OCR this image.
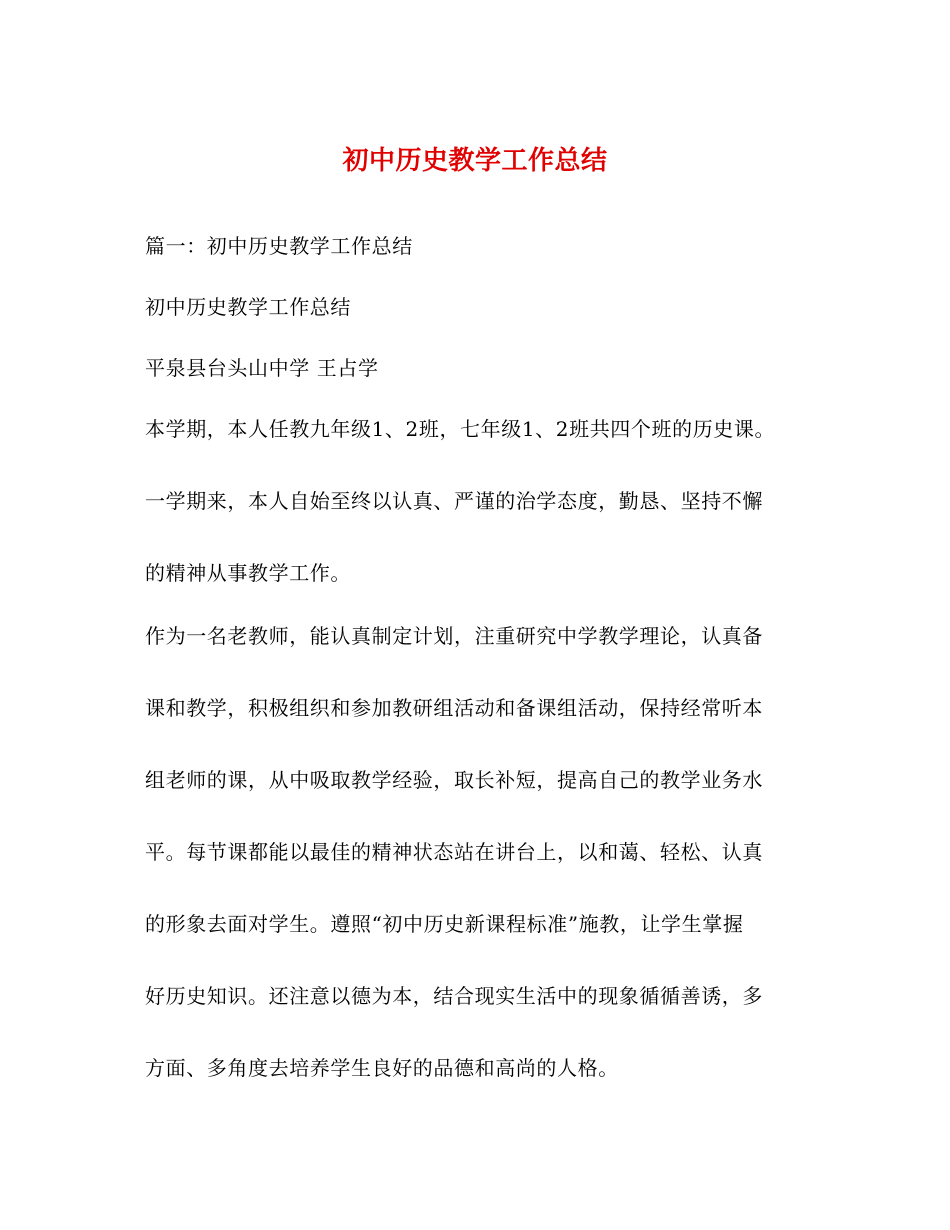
初中历史教学工作总结
篇一：初中历史教学工作总结
初中历史教学工作总结
平泉县台头山中学 王占学
本学期，本人任教九年级1、2班，七年级1、2班共四个班的历史课。
一学期来，本人自始至终以认真、严谨的治学态度，勤恳、坚持不懈
的精神从事教学工作。
作为一名老教师，能认真制定计划，注重研究中学教学理论，认真备
课和教学，积极组织和参加教研组活动和备课组活动，保持经常听本
组老师的课，从中吸取教学经验，取长补短，提高自己的教学业务水
平。每节课都能以最佳的精神状态站在讲台上，以和蔼、轻松、认真
的形象去面对学生。遵照“初中历史新课程标准”施教，让学生掌握
好历史知识。还注意以德为本，结合现实生活中的现象循循善诱，多
方面、多角度去培养学生良好的品德和高尚的人格。
